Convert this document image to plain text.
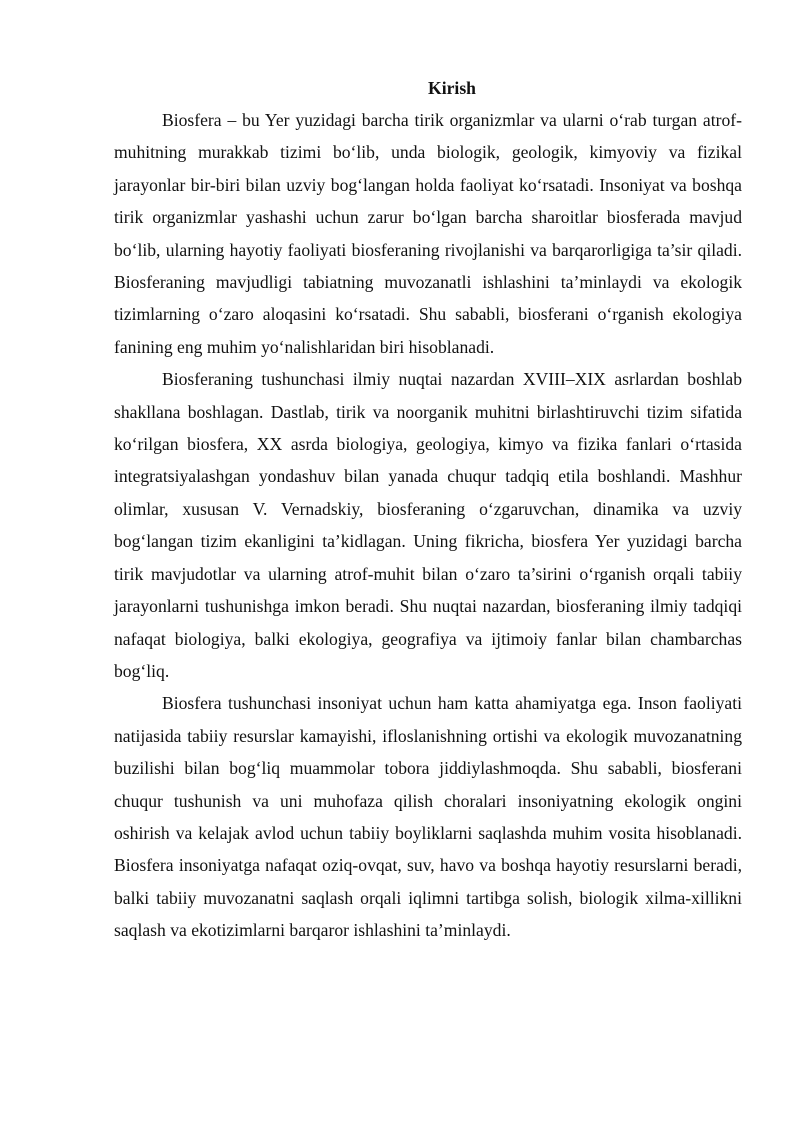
Kirish

Biosfera – bu Yer yuzidagi barcha tirik organizmlar va ularni o‘rab turgan atrof-muhitning murakkab tizimi bo‘lib, unda biologik, geologik, kimyoviy va fizikal jarayonlar bir-biri bilan uzviy bog‘langan holda faoliyat ko‘rsatadi. Insoniyat va boshqa tirik organizmlar yashashi uchun zarur bo‘lgan barcha sharoitlar biosferada mavjud bo‘lib, ularning hayotiy faoliyati biosferaning rivojlanishi va barqarorligiga ta’sir qiladi. Biosferaning mavjudligi tabiatning muvozanatli ishlashini ta’minlaydi va ekologik tizimlarning o‘zaro aloqasini ko‘rsatadi. Shu sababli, biosferani o‘rganish ekologiya fanining eng muhim yo‘nalishlaridan biri hisoblanadi.

Biosferaning tushunchasi ilmiy nuqtai nazardan XVIII–XIX asrlardan boshlab shakllana boshlagan. Dastlab, tirik va noorganik muhitni birlashtiruvchi tizim sifatida ko‘rilgan biosfera, XX asrda biologiya, geologiya, kimyo va fizika fanlari o‘rtasida integratsiyalashgan yondashuv bilan yanada chuqur tadqiq etila boshlandi. Mashhur olimlar, xususan V. Vernadskiy, biosferaning o‘zgaruvchan, dinamika va uzviy bog‘langan tizim ekanligini ta’kidlagan. Uning fikricha, biosfera Yer yuzidagi barcha tirik mavjudotlar va ularning atrof-muhit bilan o‘zaro ta’sirini o‘rganish orqali tabiiy jarayonlarni tushunishga imkon beradi. Shu nuqtai nazardan, biosferaning ilmiy tadqiqi nafaqat biologiya, balki ekologiya, geografiya va ijtimoiy fanlar bilan chambarchas bog‘liq.

Biosfera tushunchasi insoniyat uchun ham katta ahamiyatga ega. Inson faoliyati natijasida tabiiy resurslar kamayishi, ifloslanishning ortishi va ekologik muvozanatning buzilishi bilan bog‘liq muammolar tobora jiddiylashmoqda. Shu sababli, biosferani chuqur tushunish va uni muhofaza qilish choralari insoniyatning ekologik ongini oshirish va kelajak avlod uchun tabiiy boyliklarni saqlashda muhim vosita hisoblanadi. Biosfera insoniyatga nafaqat oziq-ovqat, suv, havo va boshqa hayotiy resurslarni beradi, balki tabiiy muvozanatni saqlash orqali iqlimni tartibga solish, biologik xilma-xillikni saqlash va ekotizimlarni barqaror ishlashini ta’minlaydi.
